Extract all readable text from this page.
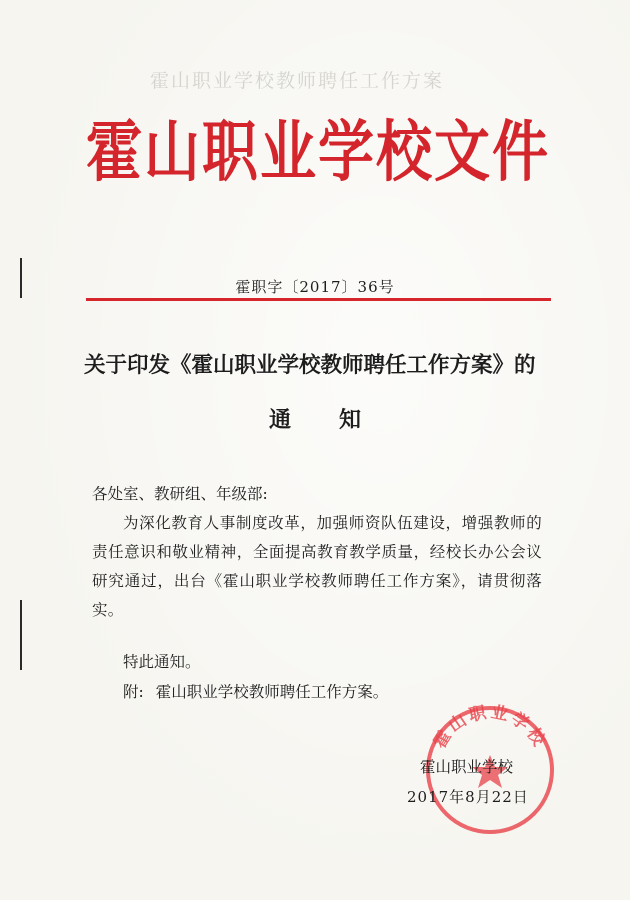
霍山职业学校教师聘任工作方案
霍山职业学校文件
霍职字〔2017〕36号
关于印发《霍山职业学校教师聘任工作方案》的
通知
各处室、教研组、年级部:
为深化教育人事制度改革，加强师资队伍建设，增强教师的责任意识和敬业精神，全面提高教育教学质量，经校长办公会议研究通过，出台《霍山职业学校教师聘任工作方案》，请贯彻落实。
特此通知。
附: 霍山职业学校教师聘任工作方案。
霍山职业学校
霍山职业学校
2017年8月22日
